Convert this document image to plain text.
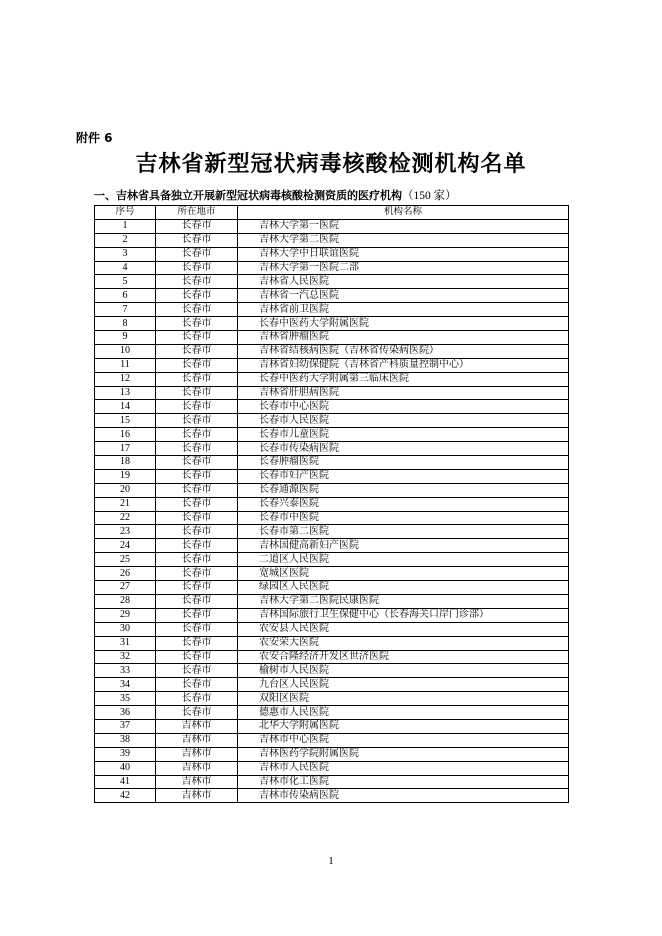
附件 6
吉林省新型冠状病毒核酸检测机构名单
一、吉林省具备独立开展新型冠状病毒核酸检测资质的医疗机构（150 家）
序号	所在地市	机构名称
1	长春市	吉林大学第一医院
2	长春市	吉林大学第二医院
3	长春市	吉林大学中日联谊医院
4	长春市	吉林大学第一医院二部
5	长春市	吉林省人民医院
6	长春市	吉林省一汽总医院
7	长春市	吉林省前卫医院
8	长春市	长春中医药大学附属医院
9	长春市	吉林省肿瘤医院
10	长春市	吉林省结核病医院（吉林省传染病医院）
11	长春市	吉林省妇幼保健院（吉林省产科质量控制中心）
12	长春市	长春中医药大学附属第三临床医院
13	长春市	吉林省肝胆病医院
14	长春市	长春市中心医院
15	长春市	长春市人民医院
16	长春市	长春市儿童医院
17	长春市	长春市传染病医院
18	长春市	长春肿瘤医院
19	长春市	长春市妇产医院
20	长春市	长春通源医院
21	长春市	长春兴泰医院
22	长春市	长春市中医院
23	长春市	长春市第二医院
24	长春市	吉林国健高新妇产医院
25	长春市	二道区人民医院
26	长春市	宽城区医院
27	长春市	绿园区人民医院
28	长春市	吉林大学第二医院民康医院
29	长春市	吉林国际旅行卫生保健中心（长春海关口岸门诊部）
30	长春市	农安县人民医院
31	长春市	农安荣大医院
32	长春市	农安合隆经济开发区世济医院
33	长春市	榆树市人民医院
34	长春市	九台区人民医院
35	长春市	双阳区医院
36	长春市	德惠市人民医院
37	吉林市	北华大学附属医院
38	吉林市	吉林市中心医院
39	吉林市	吉林医药学院附属医院
40	吉林市	吉林市人民医院
41	吉林市	吉林市化工医院
42	吉林市	吉林市传染病医院
1
